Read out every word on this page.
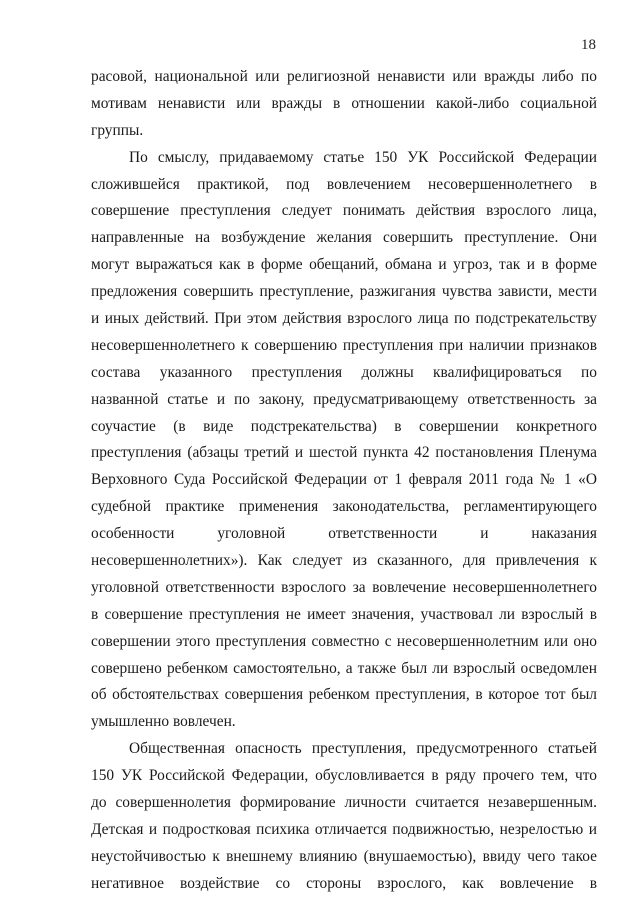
18
расовой, национальной или религиозной ненависти или вражды либо по
мотивам ненависти или вражды в отношении какой-либо социальной
группы.
По смыслу, придаваемому статье 150 УК Российской Федерации
сложившейся практикой, под вовлечением несовершеннолетнего в
совершение преступления следует понимать действия взрослого лица,
направленные на возбуждение желания совершить преступление. Они
могут выражаться как в форме обещаний, обмана и угроз, так и в форме
предложения совершить преступление, разжигания чувства зависти, мести
и иных действий. При этом действия взрослого лица по подстрекательству
несовершеннолетнего к совершению преступления при наличии признаков
состава указанного преступления должны квалифицироваться по
названной статье и по закону, предусматривающему ответственность за
соучастие (в виде подстрекательства) в совершении конкретного
преступления (абзацы третий и шестой пункта 42 постановления Пленума
Верховного Суда Российской Федерации от 1 февраля 2011 года № 1 «О
судебной практике применения законодательства, регламентирующего
особенности уголовной ответственности и наказания
несовершеннолетних»). Как следует из сказанного, для привлечения к
уголовной ответственности взрослого за вовлечение несовершеннолетнего
в совершение преступления не имеет значения, участвовал ли взрослый в
совершении этого преступления совместно с несовершеннолетним или оно
совершено ребенком самостоятельно, а также был ли взрослый осведомлен
об обстоятельствах совершения ребенком преступления, в которое тот был
умышленно вовлечен.
Общественная опасность преступления, предусмотренного статьей
150 УК Российской Федерации, обусловливается в ряду прочего тем, что
до совершеннолетия формирование личности считается незавершенным.
Детская и подростковая психика отличается подвижностью, незрелостью и
неустойчивостью к внешнему влиянию (внушаемостью), ввиду чего такое
негативное воздействие со стороны взрослого, как вовлечение в
